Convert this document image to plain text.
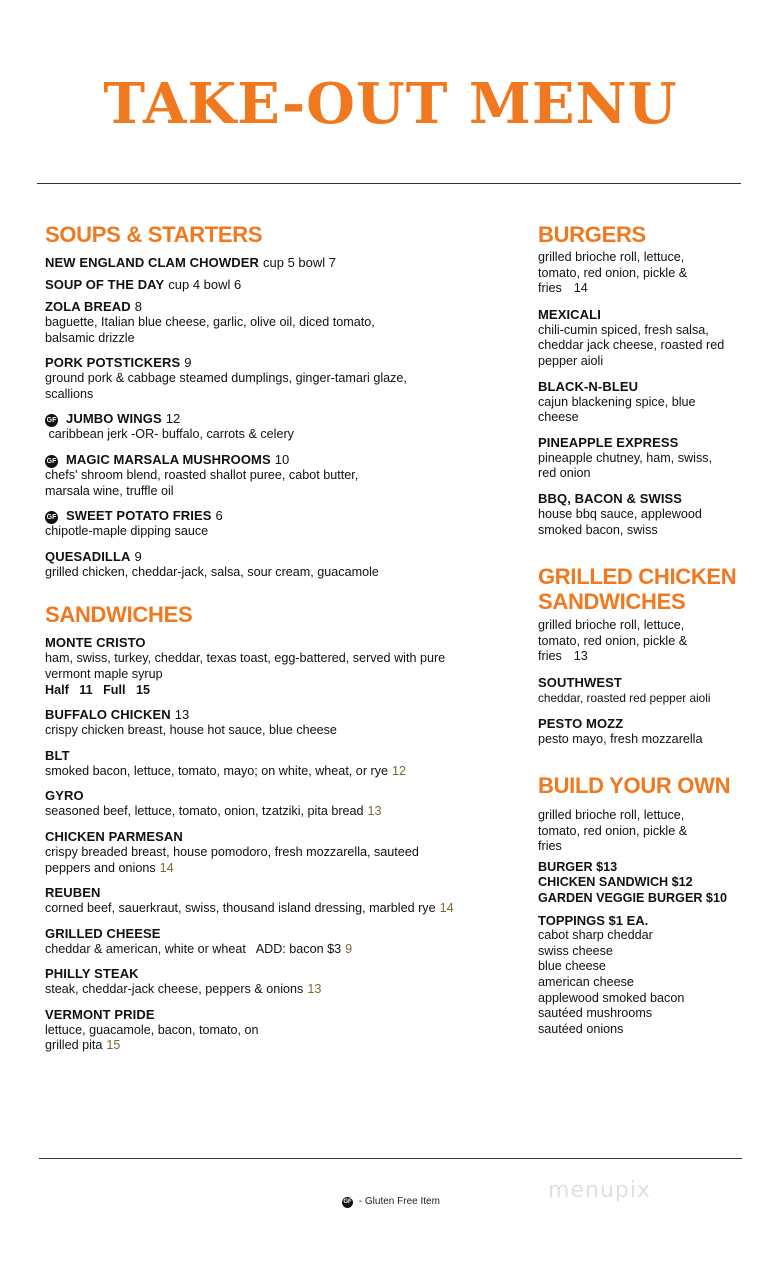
TAKE-OUT MENU
SOUPS & STARTERS
NEW ENGLAND CLAM CHOWDER cup 5 bowl 7
SOUP OF THE DAY cup 4 bowl 6
ZOLA BREAD 8
baguette, Italian blue cheese, garlic, olive oil, diced tomato, balsamic drizzle
PORK POTSTICKERS 9
ground pork & cabbage steamed dumplings, ginger-tamari glaze, scallions
GF JUMBO WINGS 12
caribbean jerk -OR- buffalo, carrots & celery
GF MAGIC MARSALA MUSHROOMS 10
chefs' shroom blend, roasted shallot puree, cabot butter, marsala wine, truffle oil
GF SWEET POTATO FRIES 6
chipotle-maple dipping sauce
QUESADILLA 9
grilled chicken, cheddar-jack, salsa, sour cream, guacamole
SANDWICHES
MONTE CRISTO
ham, swiss, turkey, cheddar, texas toast, egg-battered, served with pure vermont maple syrup
Half   11   Full   15
BUFFALO CHICKEN 13
crispy chicken breast, house hot sauce, blue cheese
BLT
smoked bacon, lettuce, tomato, mayo; on white, wheat, or rye 12
GYRO
seasoned beef, lettuce, tomato, onion, tzatziki, pita bread 13
CHICKEN PARMESAN
crispy breaded breast, house pomodoro, fresh mozzarella, sauteed peppers and onions 14
REUBEN
corned beef, sauerkraut, swiss, thousand island dressing, marbled rye 14
GRILLED CHEESE
cheddar & american, white or wheat   ADD: bacon $3 9
PHILLY STEAK
steak, cheddar-jack cheese, peppers & onions 13
VERMONT PRIDE
lettuce, guacamole, bacon, tomato, on grilled pita 15
BURGERS
grilled brioche roll, lettuce, tomato, red onion, pickle & fries 14
MEXICALI
chili-cumin spiced, fresh salsa, cheddar jack cheese, roasted red pepper aioli
BLACK-N-BLEU
cajun blackening spice, blue cheese
PINEAPPLE EXPRESS
pineapple chutney, ham, swiss, red onion
BBQ, BACON & SWISS
house bbq sauce, applewood smoked bacon, swiss
GRILLED CHICKEN SANDWICHES
grilled brioche roll, lettuce, tomato, red onion, pickle & fries 13
SOUTHWEST
cheddar, roasted red pepper aioli
PESTO MOZZ
pesto mayo, fresh mozzarella
BUILD YOUR OWN
grilled brioche roll, lettuce, tomato, red onion, pickle & fries
BURGER $13
CHICKEN SANDWICH $12
GARDEN VEGGIE BURGER $10
TOPPINGS $1 EA.
cabot sharp cheddar
swiss cheese
blue cheese
american cheese
applewood smoked bacon
sautéed mushrooms
sautéed onions
GF - Gluten Free Item	menupix
